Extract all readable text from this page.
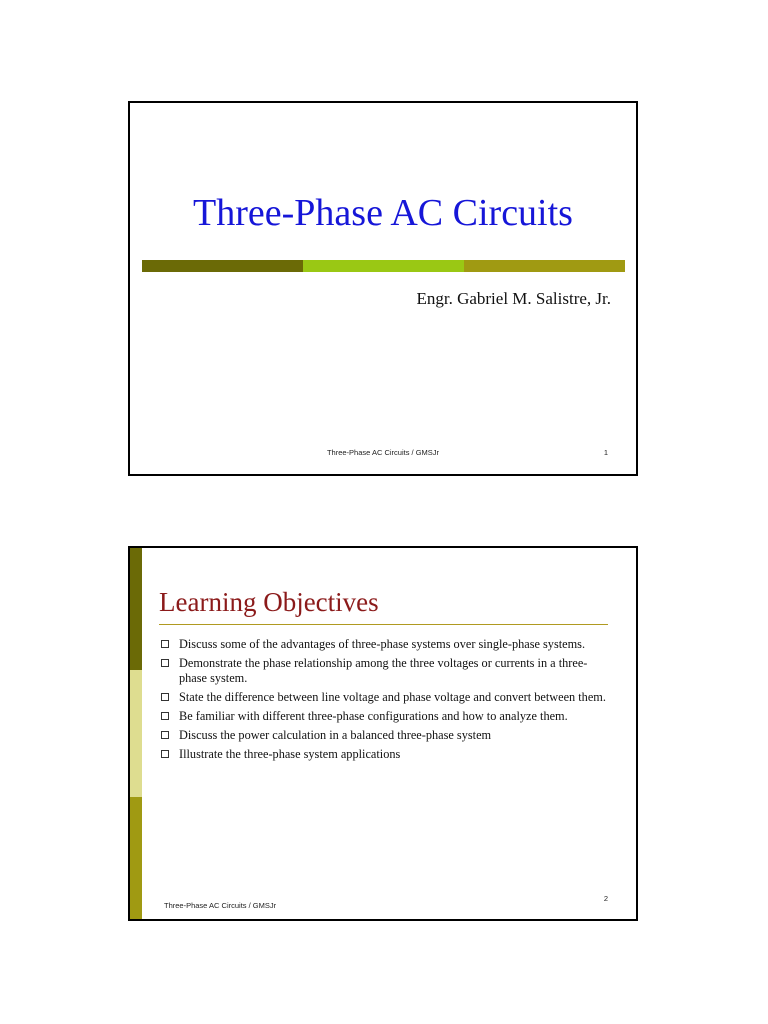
Three-Phase AC Circuits
Engr. Gabriel M. Salistre, Jr.
Three-Phase AC Circuits / GMSJr	1
Learning Objectives
Discuss some of the advantages of three-phase systems over single-phase systems.
Demonstrate the phase relationship among the three voltages or currents in a three-phase system.
State the difference between line voltage and phase voltage and convert between them.
Be familiar with different three-phase configurations and how to analyze them.
Discuss the power calculation in a balanced three-phase system
Illustrate the three-phase system applications
2
Three-Phase AC Circuits / GMSJr
